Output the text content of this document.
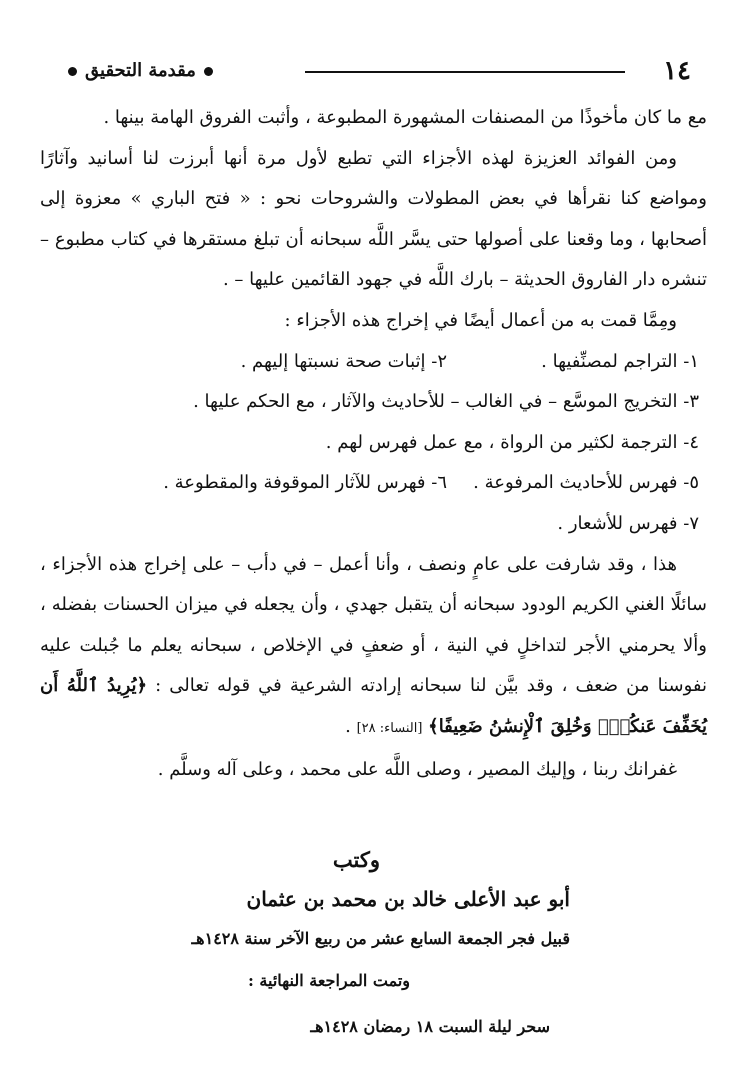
١٤
مقدمة التحقيق

مع ما كان مأخوذًا من المصنفات المشهورة المطبوعة ، وأثبت الفروق الهامة بينها .

ومن الفوائد العزيزة لهذه الأجزاء التي تطبع لأول مرة أنها أبرزت لنا أسانيد وآثارًا ومواضع كنا نقرأها في بعض المطولات والشروحات نحو : « فتح الباري » معزوة إلى أصحابها ، وما وقعنا على أصولها حتى يسَّر اللَّه سبحانه أن تبلغ مستقرها في كتاب مطبوع – تنشره دار الفاروق الحديثة – بارك اللَّه في جهود القائمين عليها – .

ومِمَّا قمت به من أعمال أيضًا في إخراج هذه الأجزاء :

١- التراجم لمصنِّفيها .
٢- إثبات صحة نسبتها إليهم .
٣- التخريج الموسَّع – في الغالب – للأحاديث والآثار ، مع الحكم عليها .
٤- الترجمة لكثير من الرواة ، مع عمل فهرس لهم .
٥- فهرس للأحاديث المرفوعة .
٦- فهرس للآثار الموقوفة والمقطوعة .
٧- فهرس للأشعار .

هذا ، وقد شارفت على عامٍ ونصف ، وأنا أعمل – في دأب – على إخراج هذه الأجزاء ، سائلًا الغني الكريم الودود سبحانه أن يتقبل جهدي ، وأن يجعله في ميزان الحسنات بفضله ، وألا يحرمني الأجر لتداخلٍ في النية ، أو ضعفٍ في الإخلاص ، سبحانه يعلم ما جُبلت عليه نفوسنا من ضعف ، وقد بيَّن لنا سبحانه إرادته الشرعية في قوله تعالى : ﴿يُرِيدُ ٱللَّهُ أَن يُخَفِّفَ عَنكُمْۚ وَخُلِقَ ٱلْإِنسَٰنُ ضَعِيفًا﴾ [النساء: ٢٨] .

غفرانك ربنا ، وإليك المصير ، وصلى اللَّه على محمد ، وعلى آله وسلَّم .

وكتب
أبو عبد الأعلى خالد بن محمد بن عثمان
قبيل فجر الجمعة السابع عشر من ربيع الآخر سنة ١٤٢٨هـ
وتمت المراجعة النهائية :
سحر ليلة السبت ١٨ رمضان ١٤٢٨هـ
